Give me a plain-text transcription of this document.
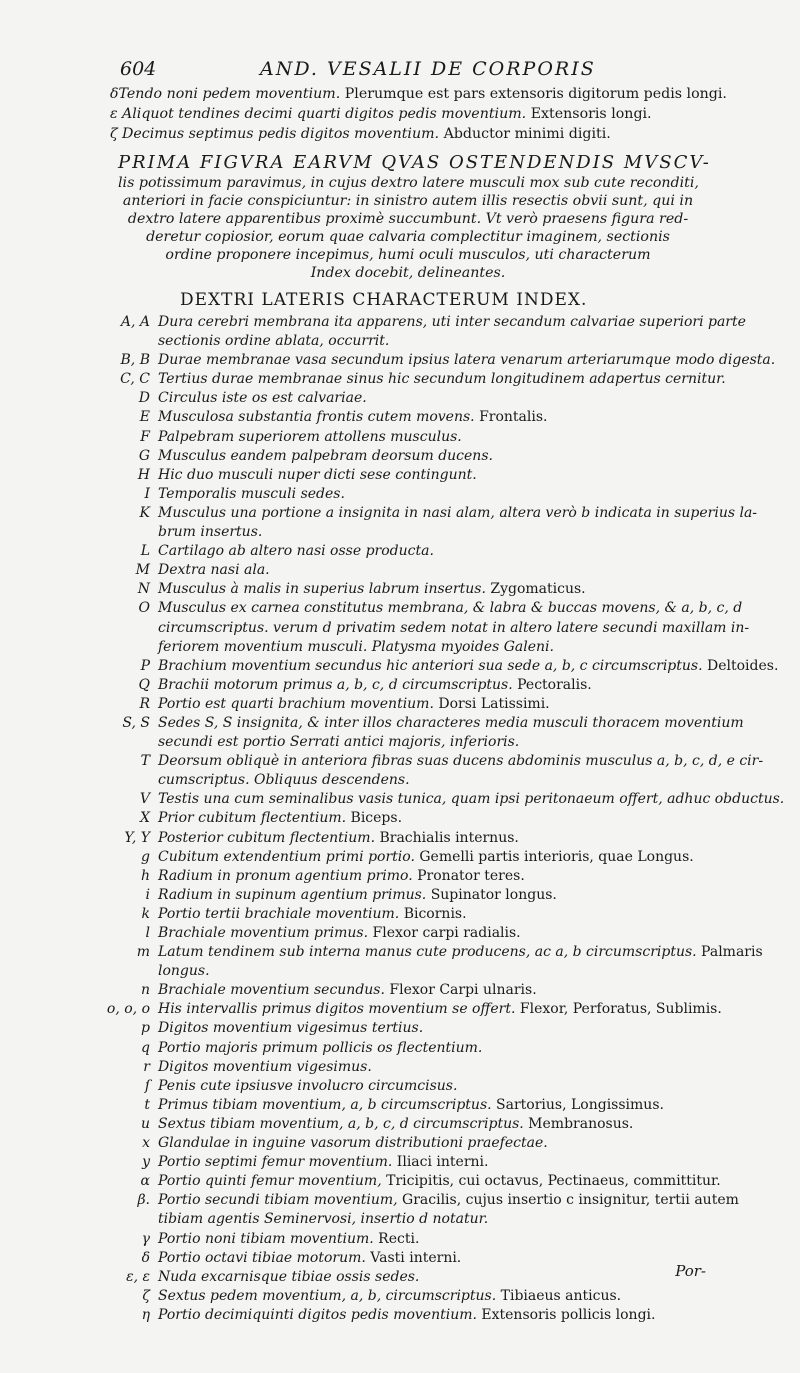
604	AND. VESALII DE CORPORIS
δ Tendo noni pedem moventium. Plerumque est pars extensoris digitorum pedis longi.
ε Aliquot tendines decimi quarti digitos pedis moventium. Extensoris longi.
ζ Decimus septimus pedis digitos moventium. Abductor minimi digiti.
PRIMA FIGVRA EARVM QVAS OSTENDENDIS MVSCV-
lis potissimum paravimus, in cujus dextro latere musculi mox sub cute reconditi,
anteriori in facie conspiciuntur: in sinistro autem illis resectis obvii sunt, qui in
dextro latere apparentibus proximè succumbunt. Vt verò praesens figura red-
deretur copiosior, eorum quae calvaria complectitur imaginem, sectionis
ordine proponere incepimus, humi oculi musculos, uti characterum
Index docebit, delineantes.
DEXTRI LATERIS CHARACTERUM INDEX.
A, A Dura cerebri membrana ita apparens, uti inter secandum calvariae superiori parte
sectionis ordine ablata, occurrit.
B, B Durae membranae vasa secundum ipsius latera venarum arteriarumque modo digesta.
C, C Tertius durae membranae sinus hic secundum longitudinem adapertus cernitur.
D Circulus iste os est calvariae.
E Musculosa substantia frontis cutem movens. Frontalis.
F Palpebram superiorem attollens musculus.
G Musculus eandem palpebram deorsum ducens.
H Hic duo musculi nuper dicti sese contingunt.
I Temporalis musculi sedes.
K Musculus una portione a insignita in nasi alam, altera verò b indicata in superius la-
brum insertus.
L Cartilago ab altero nasi osse producta.
M Dextra nasi ala.
N Musculus à malis in superius labrum insertus. Zygomaticus.
O Musculus ex carnea constitutus membrana, & labra & buccas movens, & a, b, c, d
circumscriptus. verum d privatim sedem notat in altero latere secundi maxillam in-
feriorem moventium musculi. Platysma myoides Galeni.
P Brachium moventium secundus hic anteriori sua sede a, b, c circumscriptus. Deltoides.
Q Brachii motorum primus a, b, c, d circumscriptus. Pectoralis.
R Portio est quarti brachium moventium. Dorsi Latissimi.
S, S Sedes S, S insignita, & inter illos characteres media musculi thoracem moventium
secundi est portio Serrati antici majoris, inferioris.
T Deorsum obliquè in anteriora fibras suas ducens abdominis musculus a, b, c, d, e cir-
cumscriptus. Obliquus descendens.
V Testis una cum seminalibus vasis tunica, quam ipsi peritonaeum offert, adhuc obductus.
X Prior cubitum flectentium. Biceps.
Y, Y Posterior cubitum flectentium. Brachialis internus.
g Cubitum extendentium primi portio. Gemelli partis interioris, quae Longus.
h Radium in pronum agentium primo. Pronator teres.
i Radium in supinum agentium primus. Supinator longus.
k Portio tertii brachiale moventium. Bicornis.
l Brachiale moventium primus. Flexor carpi radialis.
m Latum tendinem sub interna manus cute producens, ac a, b circumscriptus. Palmaris
longus.
n Brachiale moventium secundus. Flexor Carpi ulnaris.
o, o, o His intervallis primus digitos moventium se offert. Flexor, Perforatus, Sublimis.
p Digitos moventium vigesimus tertius.
q Portio majoris primum pollicis os flectentium.
r Digitos moventium vigesimus.
ſ Penis cute ipsiusve involucro circumcisus.
t Primus tibiam moventium, a, b circumscriptus. Sartorius, Longissimus.
u Sextus tibiam moventium, a, b, c, d circumscriptus. Membranosus.
x Glandulae in inguine vasorum distributioni praefectae.
y Portio septimi femur moventium. Iliaci interni.
α Portio quinti femur moventium, Tricipitis, cui octavus, Pectinaeus, committitur.
β. Portio secundi tibiam moventium, Gracilis, cujus insertio c insignitur, tertii autem
tibiam agentis Seminervosi, insertio d notatur.
γ Portio noni tibiam moventium. Recti.
δ Portio octavi tibiae motorum. Vasti interni.
ε, ε Nuda excarnisque tibiae ossis sedes.
ζ Sextus pedem moventium, a, b, circumscriptus. Tibiaeus anticus.
η Portio decimiquinti digitos pedis moventium. Extensoris pollicis longi.
Por-
